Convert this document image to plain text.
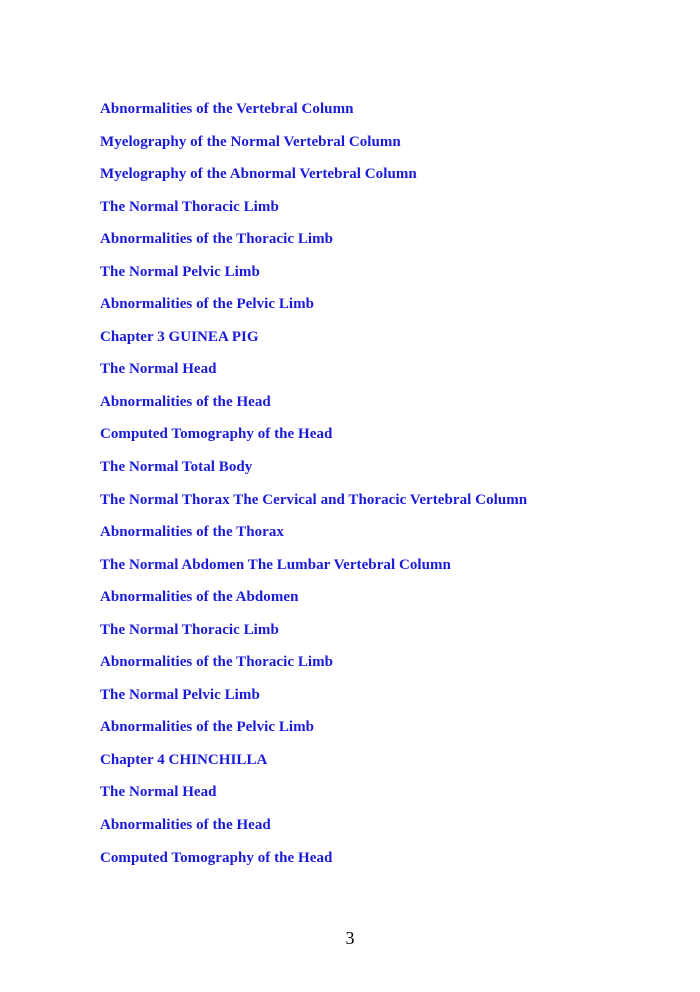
Abnormalities of the Vertebral Column
Myelography of the Normal Vertebral Column
Myelography of the Abnormal Vertebral Column
The Normal Thoracic Limb
Abnormalities of the Thoracic Limb
The Normal Pelvic Limb
Abnormalities of the Pelvic Limb
Chapter 3 GUINEA PIG
The Normal Head
Abnormalities of the Head
Computed Tomography of the Head
The Normal Total Body
The Normal Thorax The Cervical and Thoracic Vertebral Column
Abnormalities of the Thorax
The Normal Abdomen The Lumbar Vertebral Column
Abnormalities of the Abdomen
The Normal Thoracic Limb
Abnormalities of the Thoracic Limb
The Normal Pelvic Limb
Abnormalities of the Pelvic Limb
Chapter 4 CHINCHILLA
The Normal Head
Abnormalities of the Head
Computed Tomography of the Head
3
